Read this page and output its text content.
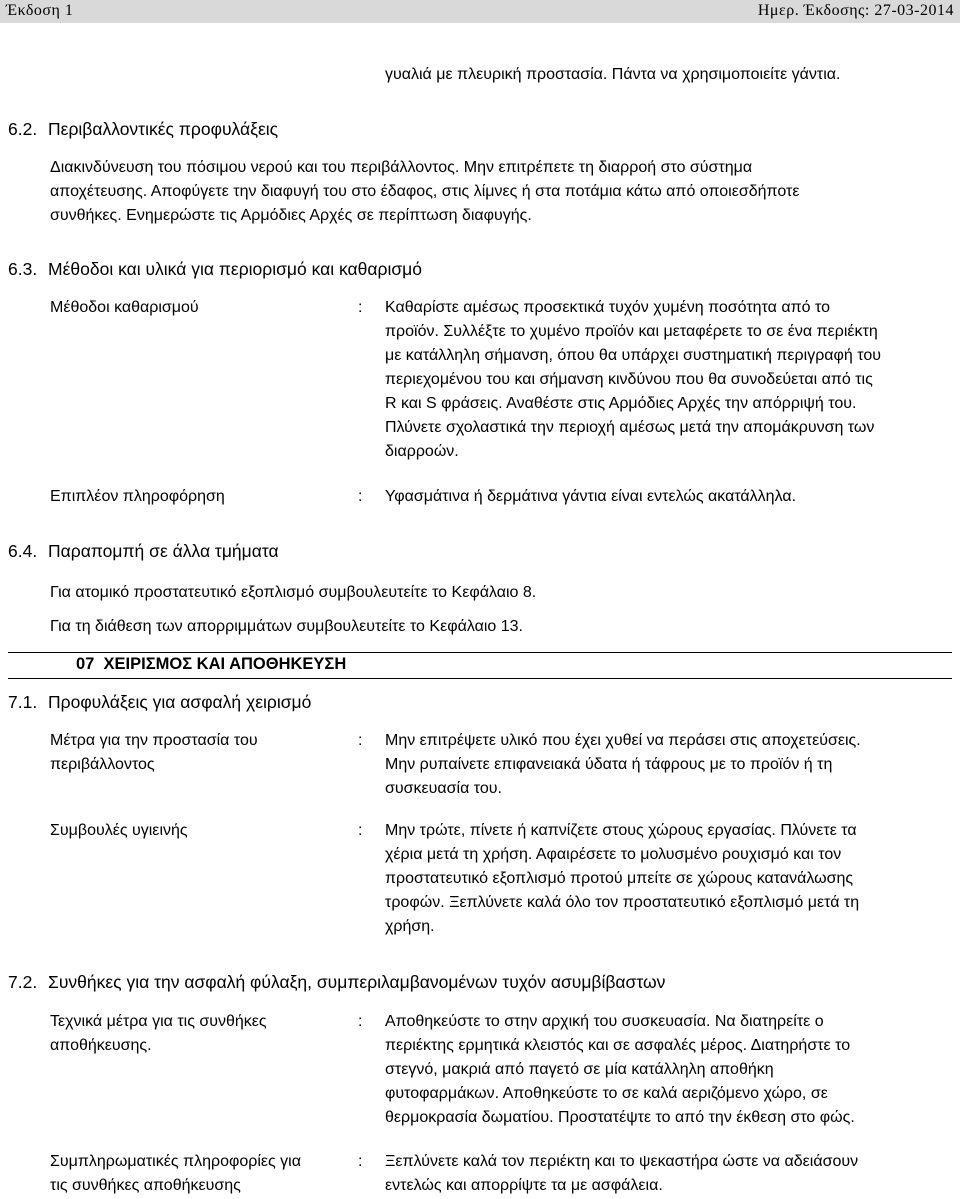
Έκδοση 1	Ημερ. Έκδοσης: 27-03-2014
γυαλιά με πλευρική προστασία. Πάντα να χρησιμοποιείτε γάντια.
6.2. Περιβαλλοντικές προφυλάξεις
Διακινδύνευση του πόσιμου νερού και του περιβάλλοντος. Μην επιτρέπετε τη διαρροή στο σύστημα
αποχέτευσης. Αποφύγετε την διαφυγή του στο έδαφος, στις λίμνες ή στα ποτάμια κάτω από οποιεσδήποτε
συνθήκες. Ενημερώστε τις Αρμόδιες Αρχές σε περίπτωση διαφυγής.
6.3. Μέθοδοι και υλικά για περιορισμό και καθαρισμό
Μέθοδοι καθαρισμού	: Καθαρίστε αμέσως προσεκτικά τυχόν χυμένη ποσότητα από το
προϊόν. Συλλέξτε το χυμένο προϊόν και μεταφέρετε το σε ένα περιέκτη
με κατάλληλη σήμανση, όπου θα υπάρχει συστηματική περιγραφή του
περιεχομένου του και σήμανση κινδύνου που θα συνοδεύεται από τις
R και S φράσεις. Αναθέστε στις Αρμόδιες Αρχές την απόρριψή του.
Πλύνετε σχολαστικά την περιοχή αμέσως μετά την απομάκρυνση των
διαρροών.
Επιπλέον πληροφόρηση	: Υφασμάτινα ή δερμάτινα γάντια είναι εντελώς ακατάλληλα.
6.4. Παραπομπή σε άλλα τμήματα
Για ατομικό προστατευτικό εξοπλισμό συμβουλευτείτε το Κεφάλαιο 8.
Για τη διάθεση των απορριμμάτων συμβουλευτείτε το Κεφάλαιο 13.
07 ΧΕΙΡΙΣΜΟΣ ΚΑΙ ΑΠΟΘΗΚΕΥΣΗ
7.1. Προφυλάξεις για ασφαλή χειρισμό
Μέτρα για την προστασία του
περιβάλλοντος
: Μην επιτρέψετε υλικό που έχει χυθεί να περάσει στις αποχετεύσεις.
Μην ρυπαίνετε επιφανειακά ύδατα ή τάφρους με το προϊόν ή τη
συσκευασία του.
Συμβουλές υγιεινής	: Μην τρώτε, πίνετε ή καπνίζετε στους χώρους εργασίας. Πλύνετε τα
χέρια μετά τη χρήση. Αφαιρέσετε το μολυσμένο ρουχισμό και τον
προστατευτικό εξοπλισμό προτού μπείτε σε χώρους κατανάλωσης
τροφών. Ξεπλύνετε καλά όλο τον προστατευτικό εξοπλισμό μετά τη
χρήση.
7.2. Συνθήκες για την ασφαλή φύλαξη, συμπεριλαμβανομένων τυχόν ασυμβίβαστων
Τεχνικά μέτρα για τις συνθήκες
αποθήκευσης.
: Αποθηκεύστε το στην αρχική του συσκευασία. Να διατηρείτε ο
περιέκτης ερμητικά κλειστός και σε ασφαλές μέρος. Διατηρήστε το
στεγνό, μακριά από παγετό σε μία κατάλληλη αποθήκη
φυτοφαρμάκων. Αποθηκεύστε το σε καλά αεριζόμενο χώρο, σε
θερμοκρασία δωματίου. Προστατέψτε το από την έκθεση στο φώς.
Συμπληρωματικές πληροφορίες για
τις συνθήκες αποθήκευσης
: Ξεπλύνετε καλά τον περιέκτη και το ψεκαστήρα ώστε να αδειάσουν
εντελώς και απορρίψτε τα με ασφάλεια.
